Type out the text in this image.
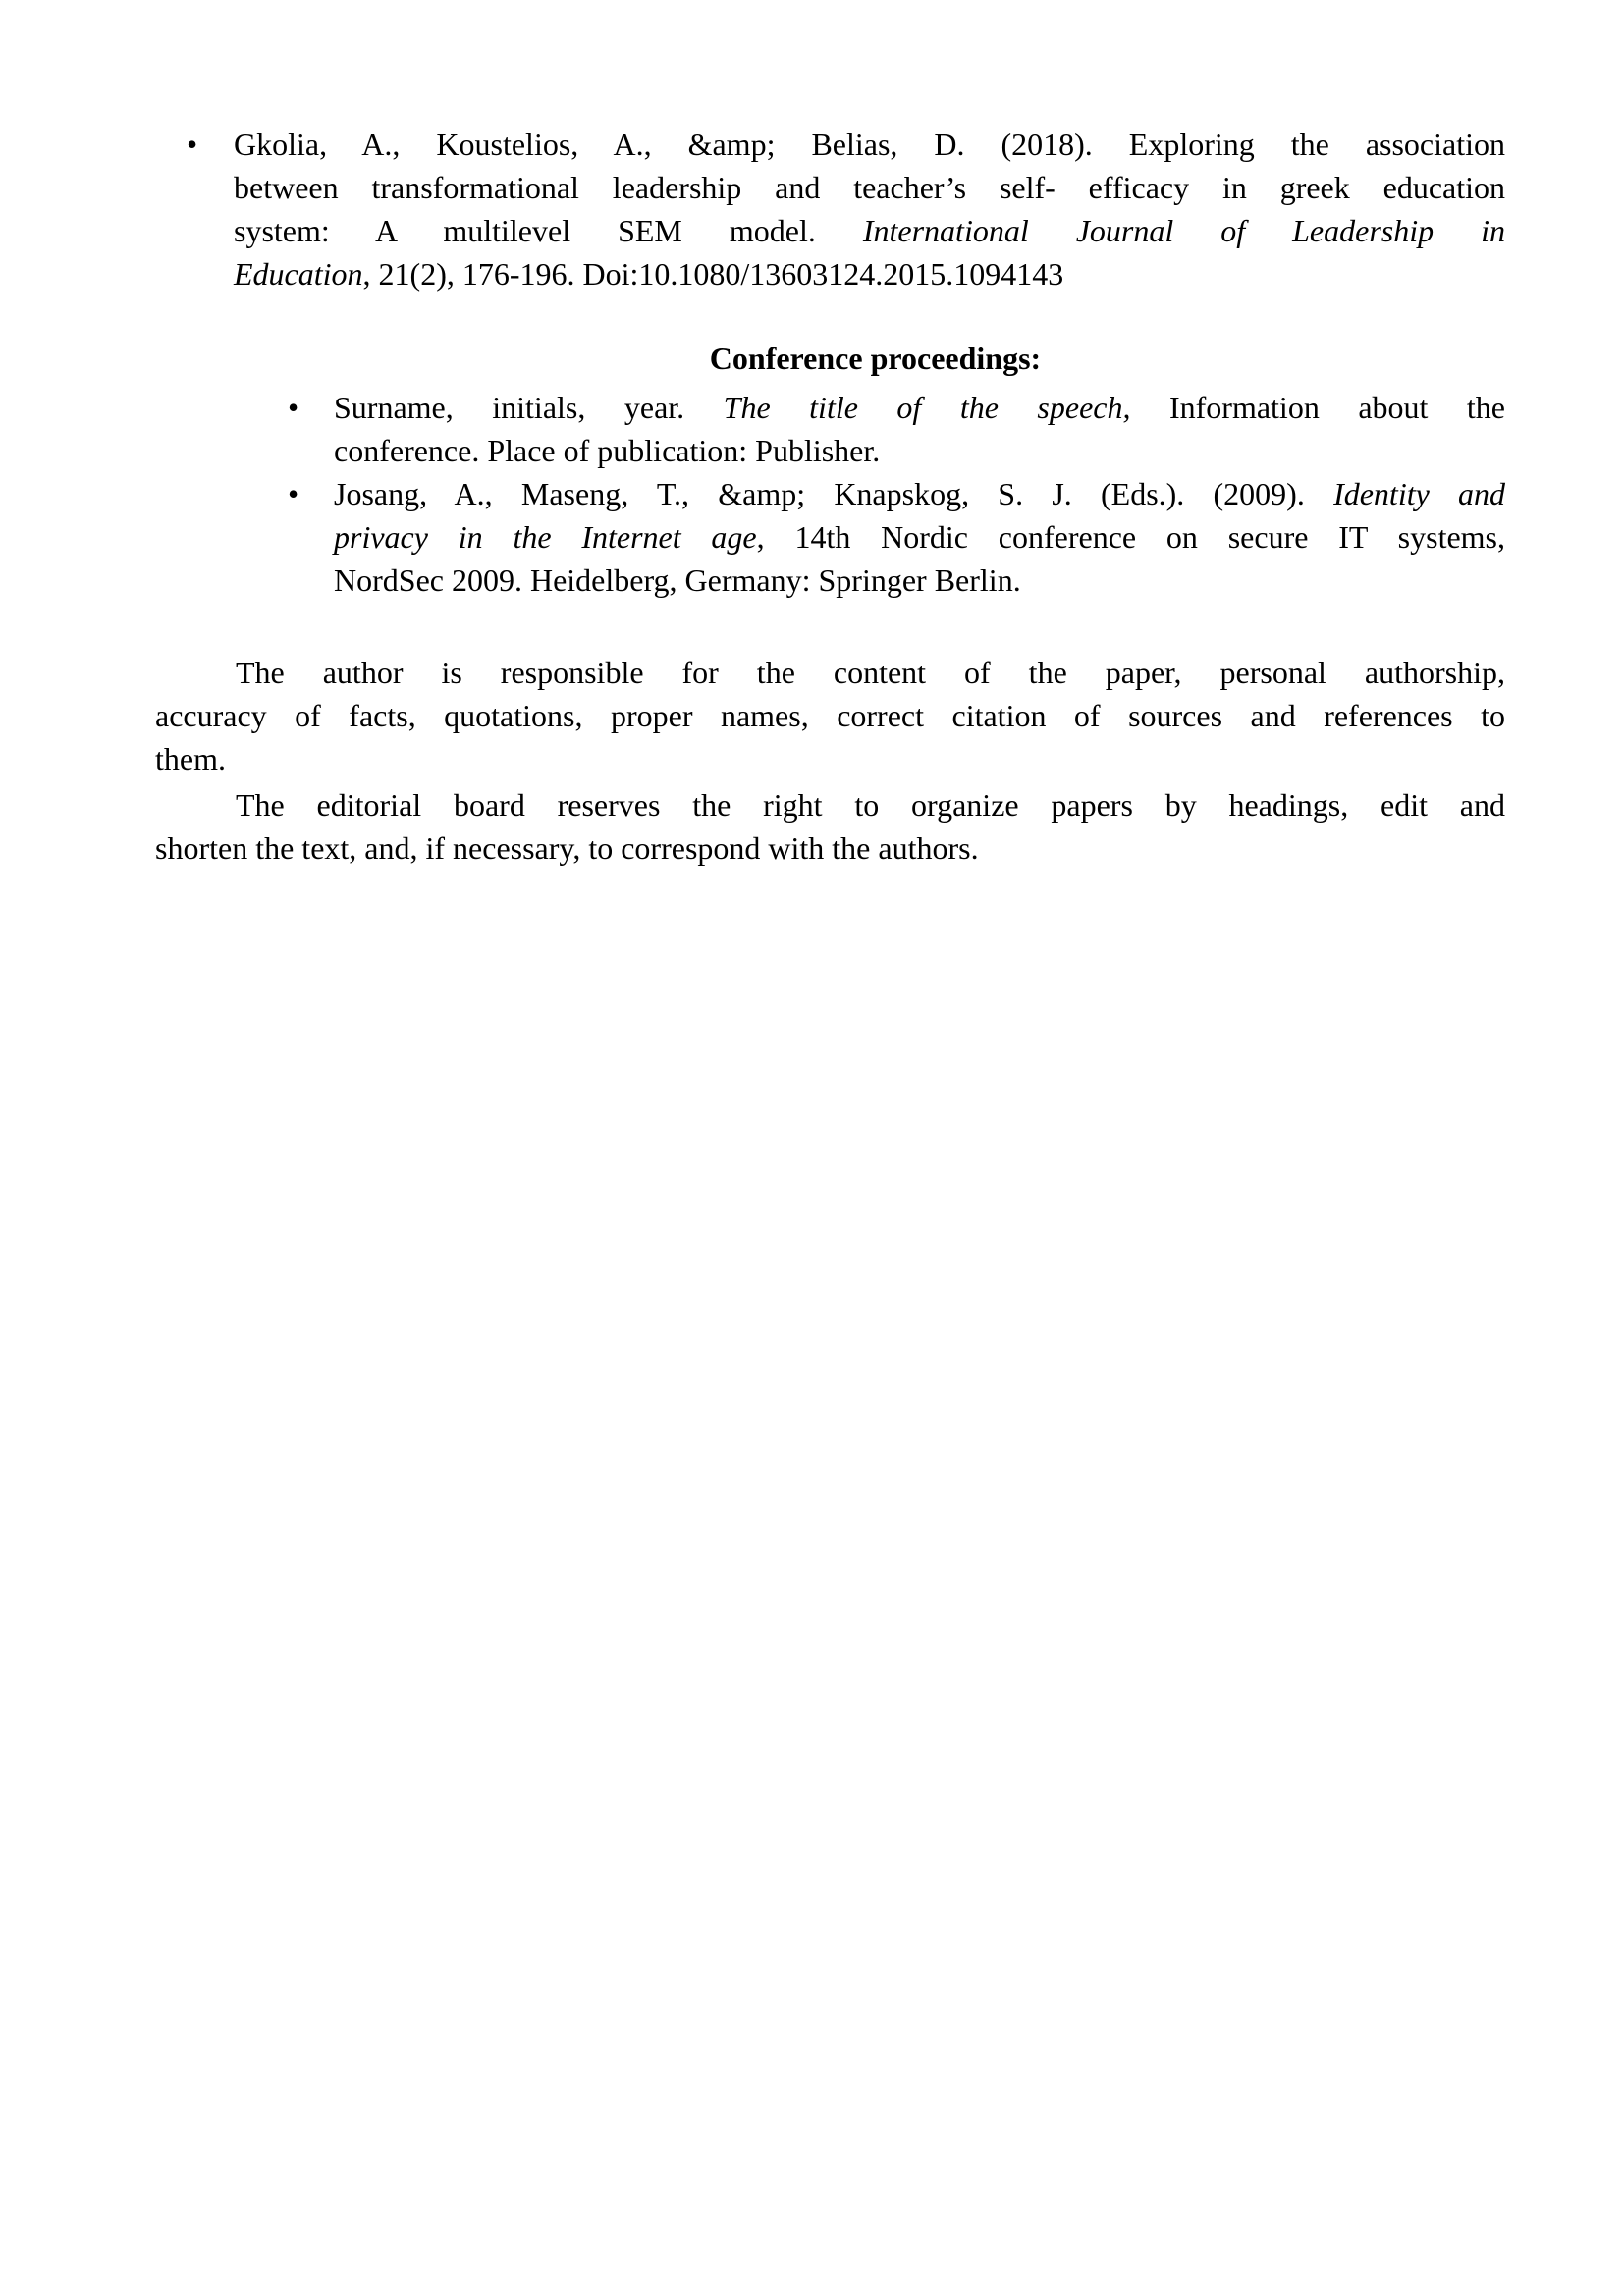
• Gkolia, A., Koustelios, A., &amp; Belias, D. (2018). Exploring the association
between transformational leadership and teacher’s self- efficacy in greek education
system: A multilevel SEM model. International Journal of Leadership in
Education, 21(2), 176-196. Doi:10.1080/13603124.2015.1094143
Conference proceedings:
• Surname, initials, year. The title of the speech, Information about the
conference. Place of publication: Publisher.
• Josang, A., Maseng, T., &amp; Knapskog, S. J. (Eds.). (2009). Identity and
privacy in the Internet age, 14th Nordic conference on secure IT systems,
NordSec 2009. Heidelberg, Germany: Springer Berlin.
The author is responsible for the content of the paper, personal authorship,
accuracy of facts, quotations, proper names, correct citation of sources and references to
them.
The editorial board reserves the right to organize papers by headings, edit and
shorten the text, and, if necessary, to correspond with the authors.
